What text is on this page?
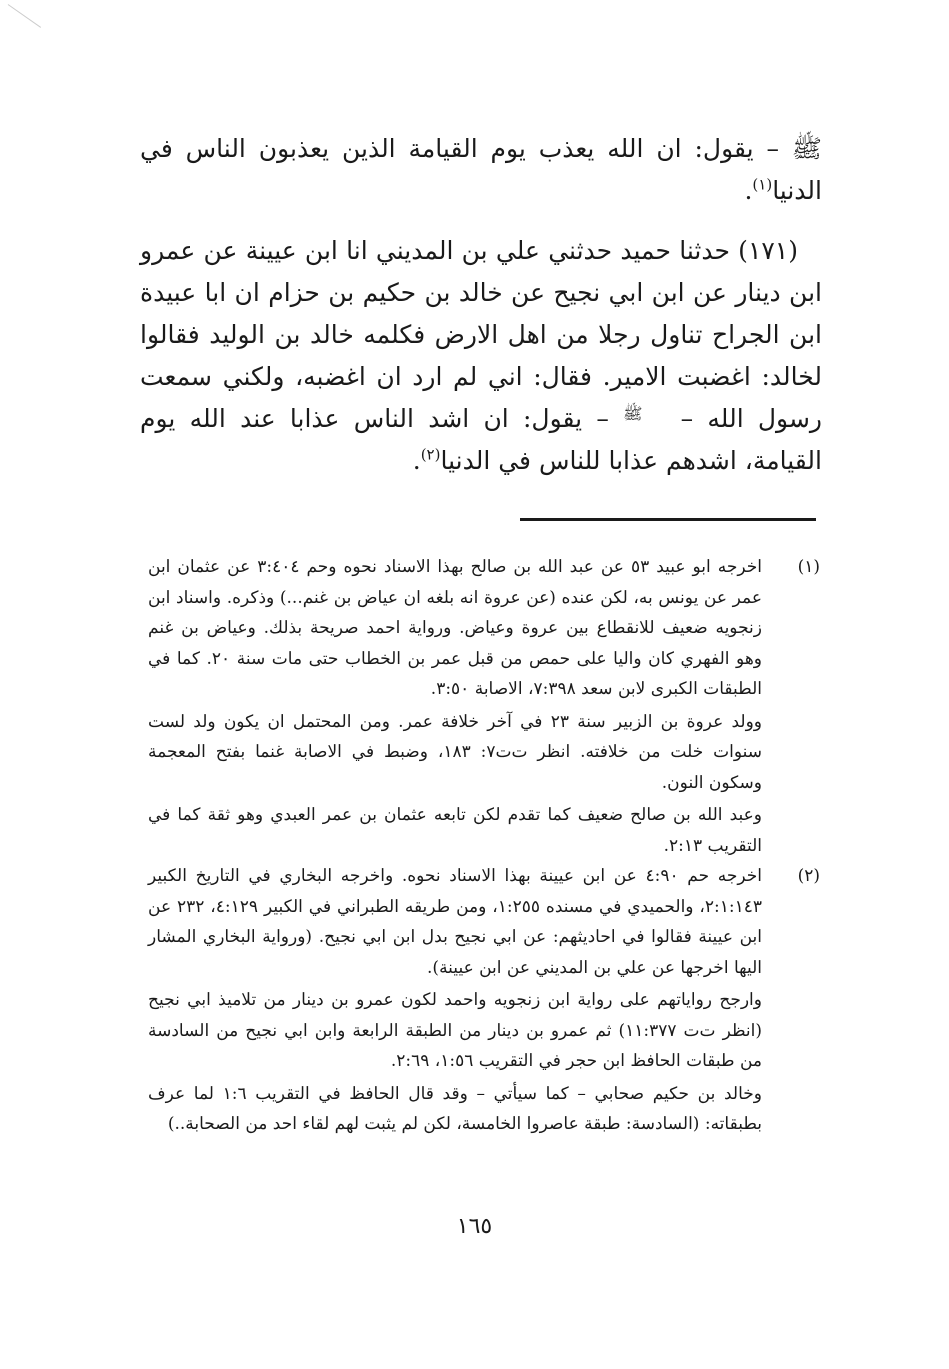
ﷺ – يقول: ان الله يعذب يوم القيامة الذين يعذبون الناس في الدنيا$^{(١)}$.

(١٧١) حدثنا حميد حدثني علي بن المديني انا ابن عيينة عن عمرو ابن دينار عن ابن ابي نجيح عن خالد بن حكيم بن حزام ان ابا عبيدة ابن الجراح تناول رجلا من اهل الارض فكلمه خالد بن الوليد فقالوا لخالد: اغضبت الامير. فقال: اني لم ارد ان اغضبه، ولكني سمعت رسول الله – ﷺ – يقول: ان اشد الناس عذابا عند الله يوم القيامة، اشدهم عذابا للناس في الدنيا$^{(٢)}$.

(١)

اخرجه ابو عبيد ٥٣ عن عبد الله بن صالح بهذا الاسناد نحوه وحم ٣:٤٠٤ عن عثمان ابن عمر عن يونس به، لكن عنده (عن عروة انه بلغه ان عياض بن غنم...) وذكره. واسناد ابن زنجويه ضعيف للانقطاع بين عروة وعياض. ورواية احمد صريحة بذلك. وعياض بن غنم وهو الفهري كان واليا على حمص من قبل عمر بن الخطاب حتى مات سنة ٢٠. كما في الطبقات الكبرى لابن سعد ٧:٣٩٨، الاصابة ٣:٥٠.

وولد عروة بن الزبير سنة ٢٣ في آخر خلافة عمر. ومن المحتمل ان يكون ولد لست سنوات خلت من خلافته. انظر ت‌ت٧: ١٨٣، وضبط في الاصابة غنما بفتح المعجمة وسكون النون.

وعبد الله بن صالح ضعيف كما تقدم لكن تابعه عثمان بن عمر العبدي وهو ثقة كما في التقريب ٢:١٣.

(٢)

اخرجه حم ٤:٩٠ عن ابن عيينة بهذا الاسناد نحوه. واخرجه البخاري في التاريخ الكبير ٢:١:١٤٣، والحميدي في مسنده ١:٢٥٥، ومن طريقه الطبراني في الكبير ٤:١٢٩، ٢٣٢ عن ابن عيينة فقالوا في احاديثهم: عن ابي نجيح بدل ابن ابي نجيح. (ورواية البخاري المشار اليها اخرجها عن علي بن المديني عن ابن عيينة).

وارجح رواياتهم على رواية ابن زنجويه واحمد لكون عمرو بن دينار من تلاميذ ابي نجيح (انظر ت‌ت ١١:٣٧٧) ثم عمرو بن دينار من الطبقة الرابعة وابن ابي نجيح من السادسة من طبقات الحافظ ابن حجر في التقريب ١:٥٦، ٢:٦٩.

وخالد بن حكيم صحابي – كما سيأتي – وقد قال الحافظ في التقريب ١:٦ لما عرف بطبقاته: (السادسة: طبقة عاصروا الخامسة، لكن لم يثبت لهم لقاء احد من الصحابة..)

١٦٥
